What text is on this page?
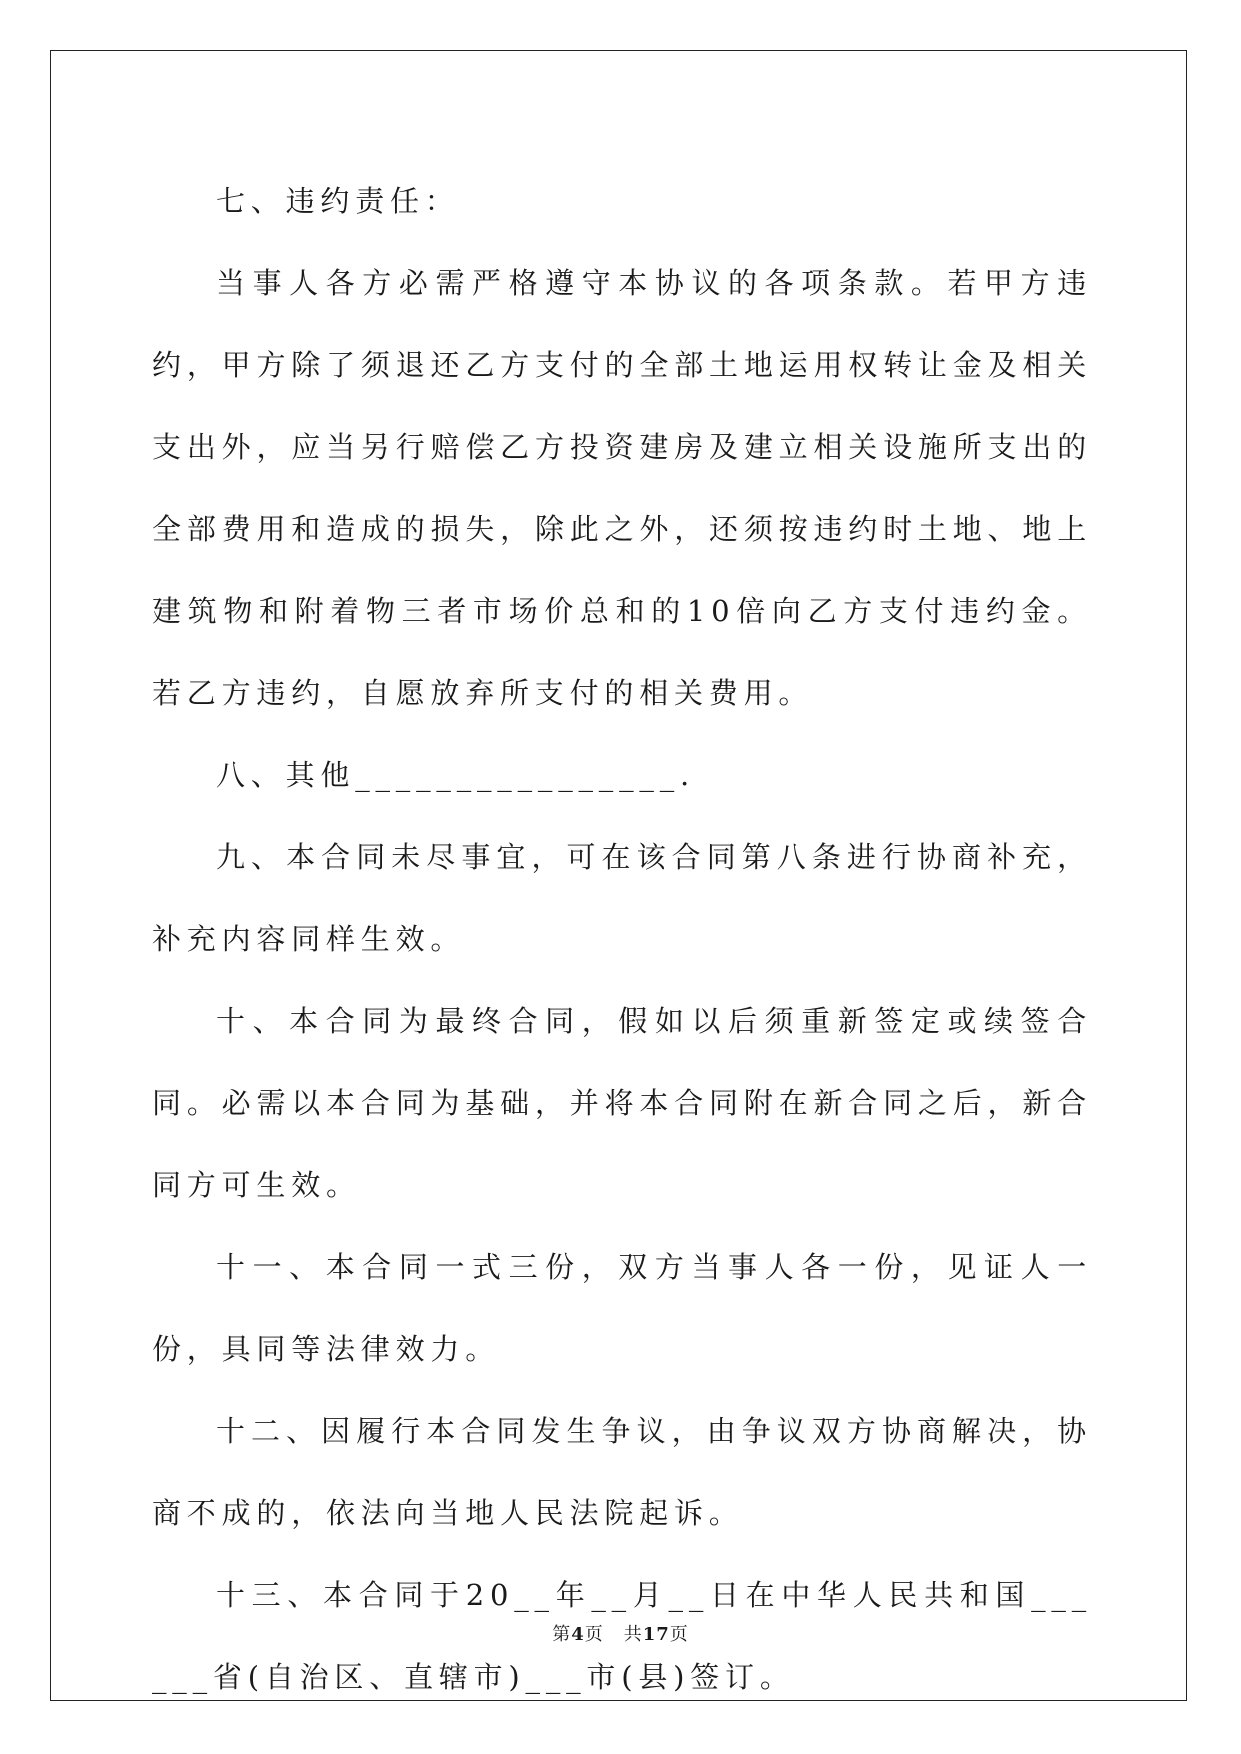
七、违约责任：

当事人各方必需严格遵守本协议的各项条款。若甲方违约，甲方除了须退还乙方支付的全部土地运用权转让金及相关支出外，应当另行赔偿乙方投资建房及建立相关设施所支出的全部费用和造成的损失，除此之外，还须按违约时土地、地上建筑物和附着物三者市场价总和的10倍向乙方支付违约金。若乙方违约，自愿放弃所支付的相关费用。

八、其他________________.

九、本合同未尽事宜，可在该合同第八条进行协商补充，补充内容同样生效。

十、本合同为最终合同，假如以后须重新签定或续签合同。必需以本合同为基础，并将本合同附在新合同之后，新合同方可生效。

十一、本合同一式三份，双方当事人各一份，见证人一份，具同等法律效力。

十二、因履行本合同发生争议，由争议双方协商解决，协商不成的，依法向当地人民法院起诉。

十三、本合同于20__年__月__日在中华人民共和国______省(自治区、直辖市)___市(县)签订。

第4页 共17页
